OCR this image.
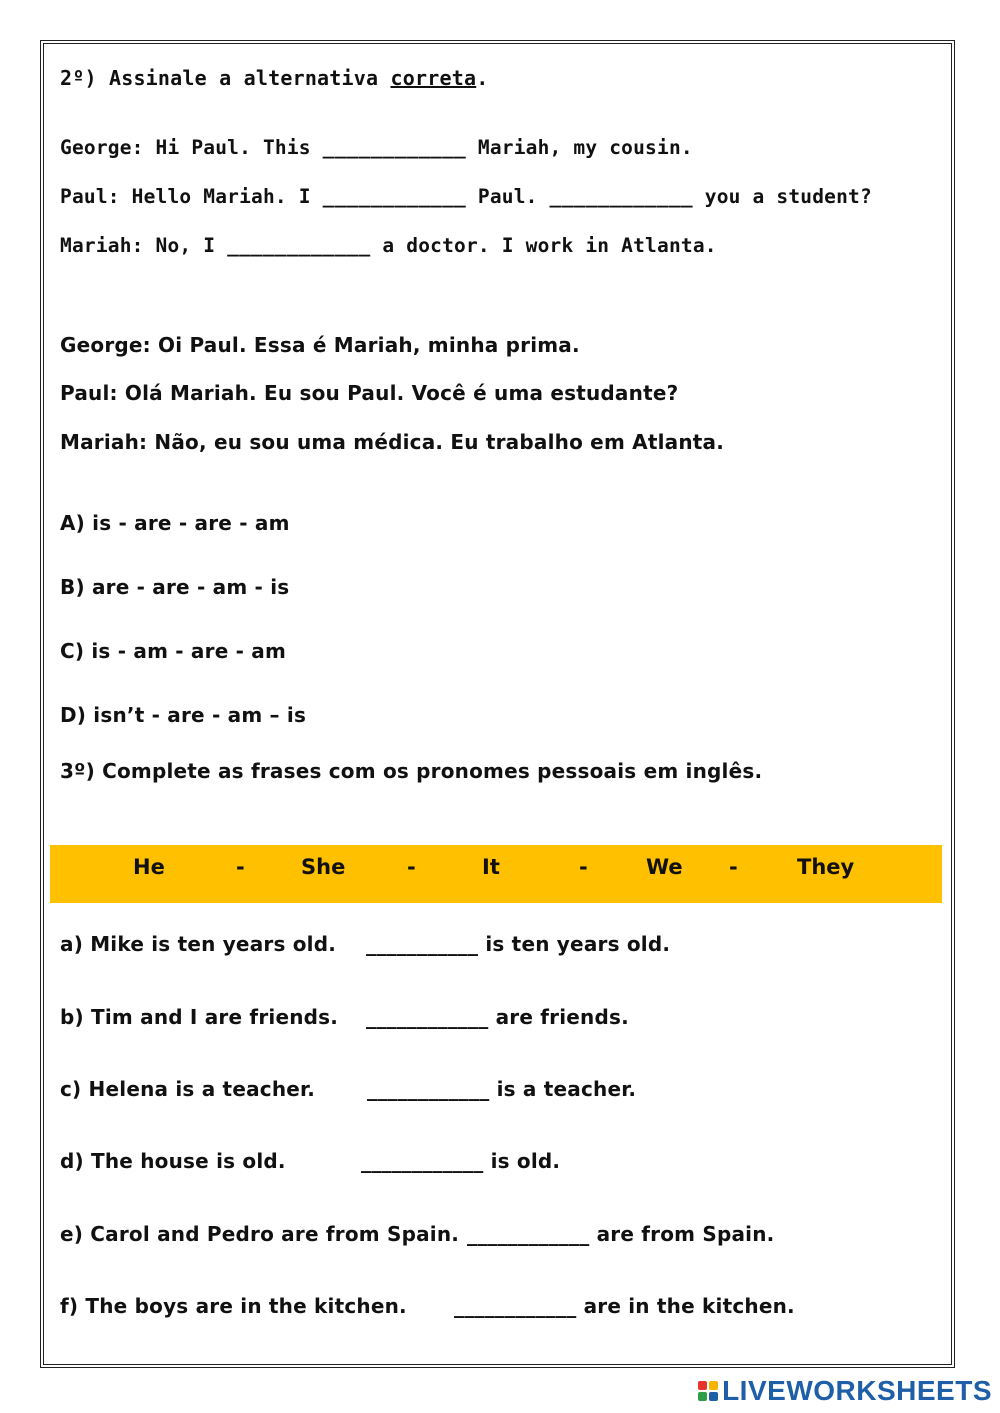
2º) Assinale a alternativa correta.
George: Hi Paul. This ____________ Mariah, my cousin.
Paul: Hello Mariah. I ____________ Paul. ____________ you a student?
Mariah: No, I ____________ a doctor. I work in Atlanta.
George: Oi Paul. Essa é Mariah, minha prima.
Paul: Olá Mariah. Eu sou Paul. Você é uma estudante?
Mariah: Não, eu sou uma médica. Eu trabalho em Atlanta.
A) is - are - are - am
B) are - are - am - is
C) is - am - are - am
D) isn’t - are - am – is
3º) Complete as frases com os pronomes pessoais em inglês.
He	-	She	-	It	-	We -	They
a) Mike is ten years old. ___________ is ten years old.
b) Tim and I are friends. ____________ are friends.
c) Helena is a teacher.	____________ is a teacher.
d) The house is old.	____________ is old.
e) Carol and Pedro are from Spain. ____________ are from Spain.
f) The boys are in the kitchen. ____________ are in the kitchen.
LIVEWORKSHEETS
